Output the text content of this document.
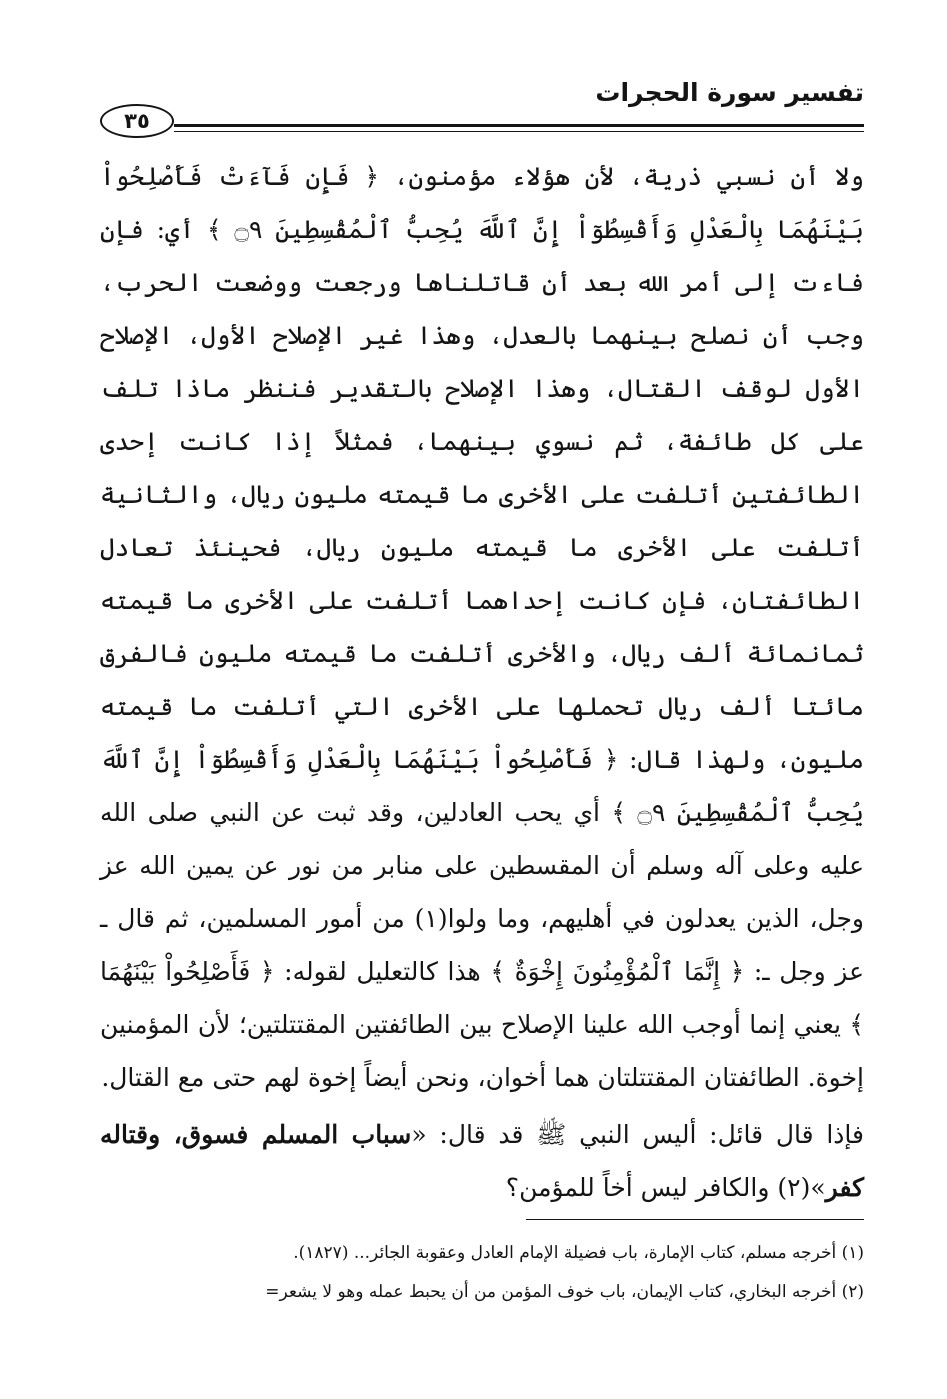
تفسير سورة الحجرات
٣٥

ولا أن نسبي ذرية، لأن هؤلاء مؤمنون، ﴿ فَإِن فَآءَتْ فَأَصْلِحُواْ بَيْنَهُمَا بِالْعَدْلِ وَأَقْسِطُوٓاْ إِنَّ ٱللَّهَ يُحِبُّ ٱلْمُقْسِطِينَ ۝٩ ﴾ أي: فإن فاءت إلى أمر الله بعد أن قاتلناها ورجعت ووضعت الحرب، وجب أن نصلح بينهما بالعدل، وهذا غير الإصلاح الأول، الإصلاح الأول لوقف القتال، وهذا الإصلاح بالتقدير فننظر ماذا تلف على كل طائفة، ثم نسوي بينهما، فمثلاً إذا كانت إحدى الطائفتين أتلفت على الأخرى ما قيمته مليون ريال، والثانية أتلفت على الأخرى ما قيمته مليون ريال، فحينئذ تعادل الطائفتان، فإن كانت إحداهما أتلفت على الأخرى ما قيمته ثمانمائة ألف ريال، والأخرى أتلفت ما قيمته مليون فالفرق مائتا ألف ريال تحملها على الأخرى التي أتلفت ما قيمته مليون، ولهذا قال: ﴿ فَأَصْلِحُواْ بَيْنَهُمَا بِالْعَدْلِ وَأَقْسِطُوٓاْ إِنَّ ٱللَّهَ يُحِبُّ ٱلْمُقْسِطِينَ ۝٩ ﴾ أي يحب العادلين، وقد ثبت عن النبي صلى الله عليه وعلى آله وسلم أن المقسطين على منابر من نور عن يمين الله عز وجل، الذين يعدلون في أهليهم، وما ولوا(١) من أمور المسلمين، ثم قال ـ عز وجل ـ: ﴿ إِنَّمَا ٱلْمُؤْمِنُونَ إِخْوَةٌ ﴾ هذا كالتعليل لقوله: ﴿ فَأَصْلِحُواْ بَيْنَهُمَا ﴾ يعني إنما أوجب الله علينا الإصلاح بين الطائفتين المقتتلتين؛ لأن المؤمنين إخوة. الطائفتان المقتتلتان هما أخوان، ونحن أيضاً إخوة لهم حتى مع القتال.

فإذا قال قائل: أليس النبي ﷺ قد قال: «سباب المسلم فسوق، وقتاله كفر»(٢) والكافر ليس أخاً للمؤمن؟

(١) أخرجه مسلم، كتاب الإمارة، باب فضيلة الإمام العادل وعقوبة الجائر... (١٨٢٧).
(٢) أخرجه البخاري، كتاب الإيمان، باب خوف المؤمن من أن يحبط عمله وهو لا يشعر=
